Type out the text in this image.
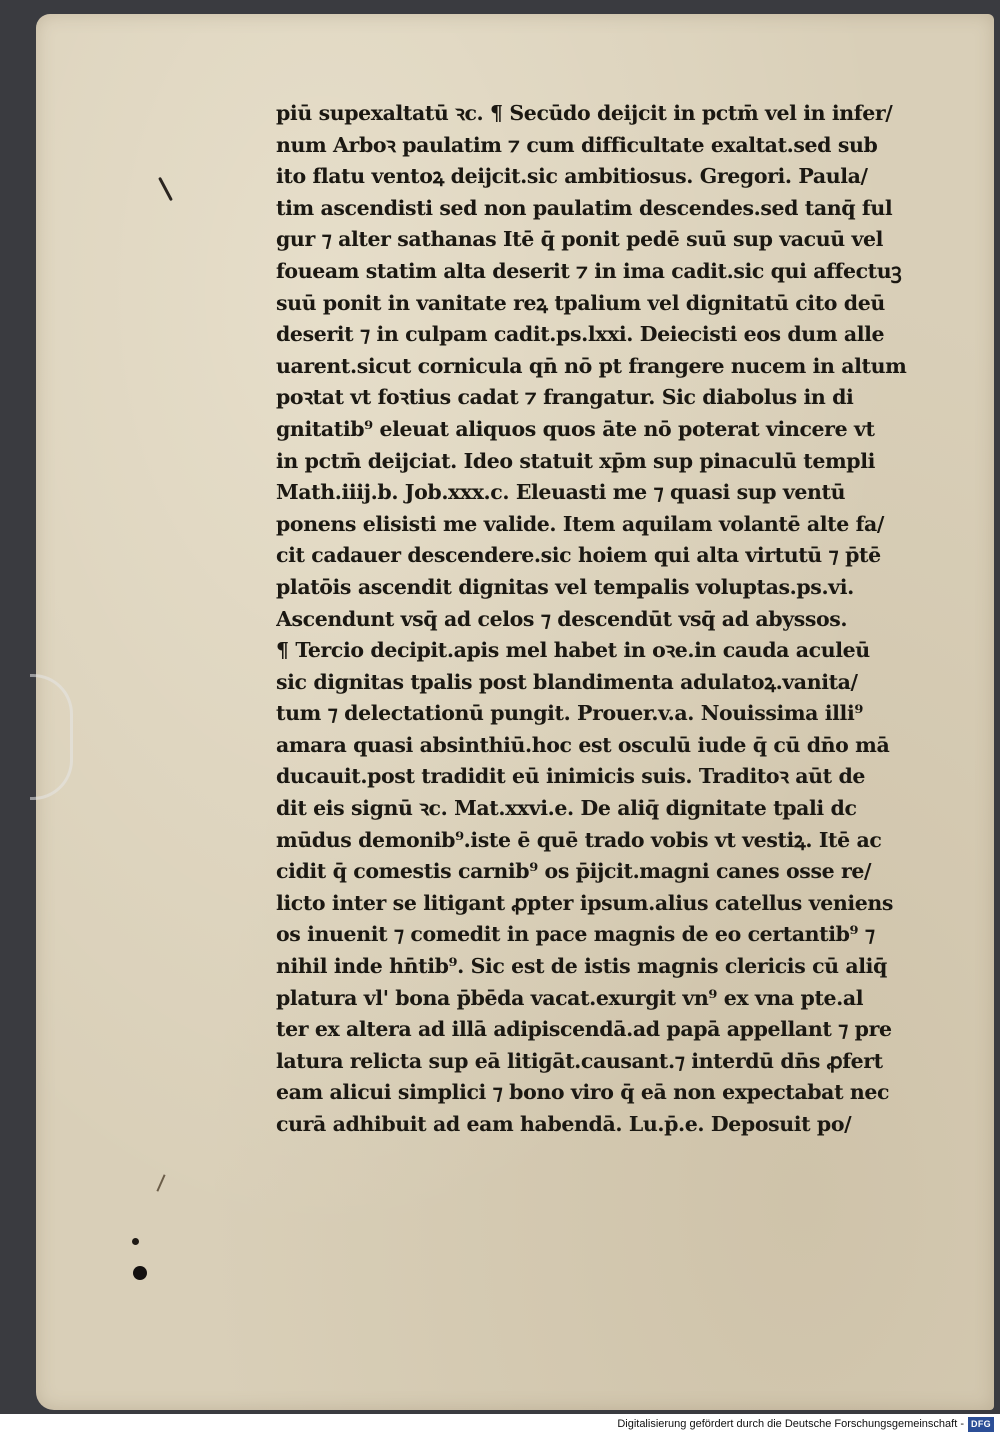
piū supexaltatū ꝛc. ¶ Secūdo deijcit in pctm̄ vel in infer/
num Arboꝛ paulatim ⁊ cum difficultate exaltat.sed sub
ito flatu ventoꝝ deijcit.sic ambitiosus. Gregori. Paula/
tim ascendisti sed non paulatim descendes.sed tanq̄ ful
gur ⁊ alter sathanas Itē q̄ ponit pedē suū sup vacuū vel
foueam statim alta deserit ⁊ in ima cadit.sic qui affectuꝫ
suū ponit in vanitate reꝝ tpalium vel dignitatū cito deū
deserit ⁊ in culpam cadit.ps.lxxi. Deiecisti eos dum alle
uarent.sicut cornicula qn̄ nō pt frangere nucem in altum
poꝛtat vt foꝛtius cadat ⁊ frangatur. Sic diabolus in di
gnitatib⁹ eleuat aliquos quos āte nō poterat vincere vt
in pctm̄ deijciat. Ideo statuit xp̄m sup pinaculū templi
Math.iiij.b. Job.xxx.c. Eleuasti me ⁊ quasi sup ventū
ponens elisisti me valide. Item aquilam volantē alte fa/
cit cadauer descendere.sic hoiem qui alta virtutū ⁊ p̄tē
platōis ascendit dignitas vel tempalis voluptas.ps.vi.
Ascendunt vsq̄ ad celos ⁊ descendūt vsq̄ ad abyssos.
¶ Tercio decipit.apis mel habet in oꝛe.in cauda aculeū
sic dignitas tpalis post blandimenta adulatoꝝ.vanita/
tum ⁊ delectationū pungit. Prouer.v.a. Nouissima illi⁹
amara quasi absinthiū.hoc est osculū iude q̄ cū dn̄o mā
ducauit.post tradidit eū inimicis suis. Traditoꝛ aūt de
dit eis signū ꝛc. Mat.xxvi.e. De aliq̄ dignitate tpali dc
mūdus demonib⁹.iste ē quē trado vobis vt vestiꝝ. Itē ac
cidit q̄ comestis carnib⁹ os p̄ijcit.magni canes osse re/
licto inter se litigant ꝓpter ipsum.alius catellus veniens
os inuenit ⁊ comedit in pace magnis de eo certantib⁹ ⁊
nihil inde hn̄tib⁹. Sic est de istis magnis clericis cū aliq̄
platura vl' bona p̄bēda vacat.exurgit vn⁹ ex vna pte.al
ter ex altera ad illā adipiscendā.ad papā appellant ⁊ pre
latura relicta sup eā litigāt.causant.⁊ interdū dn̄s ꝓfert
eam alicui simplici ⁊ bono viro q̄ eā non expectabat nec
curā adhibuit ad eam habendā. Lu.p̄.e. Deposuit po/
Digitalisierung gefördert durch die Deutsche Forschungsgemeinschaft - DFG
